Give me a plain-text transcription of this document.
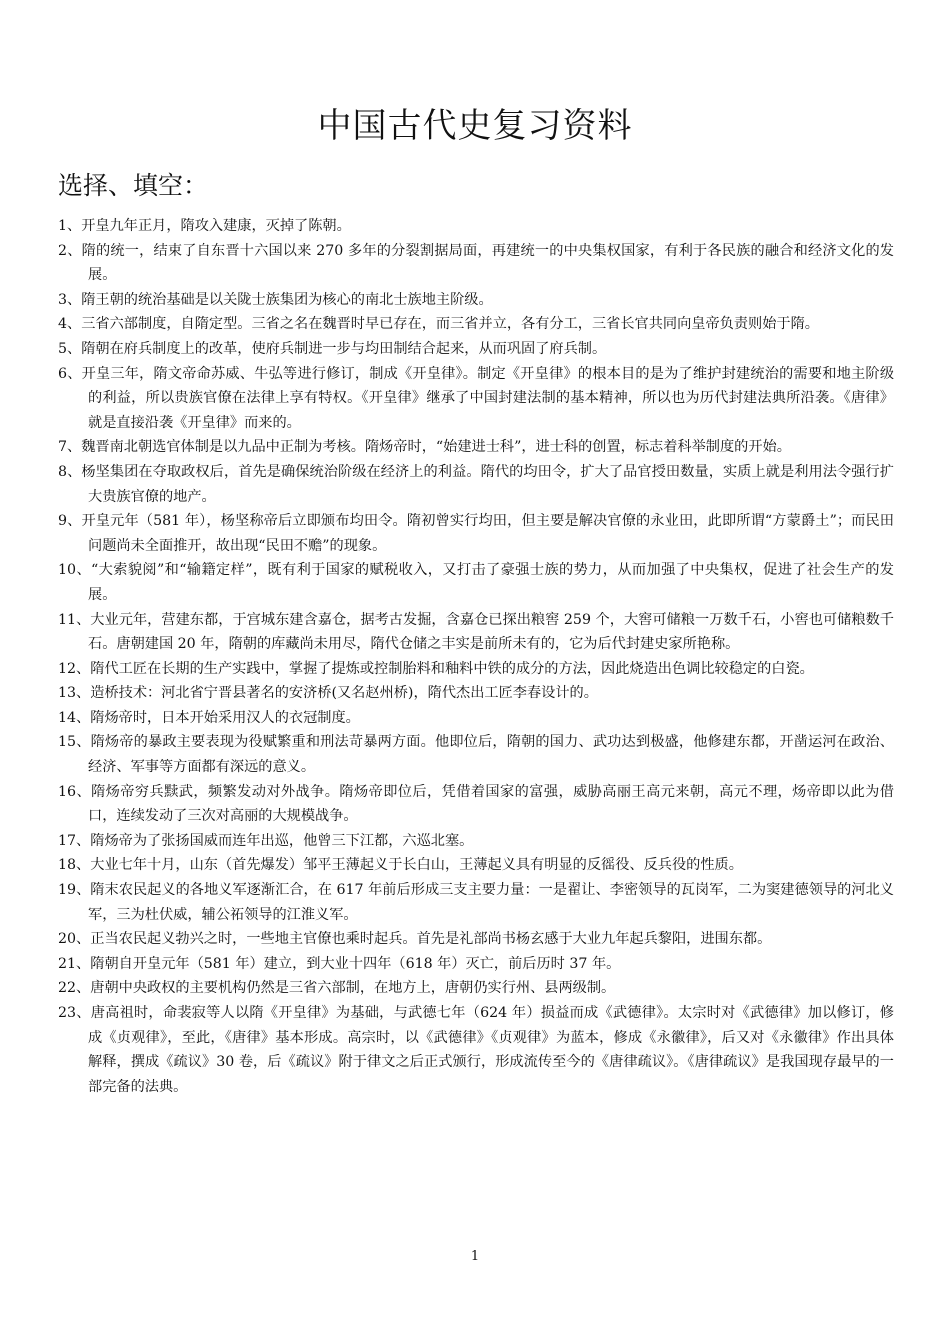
中国古代史复习资料
选择、填空：
1、开皇九年正月，隋攻入建康，灭掉了陈朝。
2、隋的统一，结束了自东晋十六国以来 270 多年的分裂割据局面，再建统一的中央集权国家，有利于各民族的融合和经济文化的发展。
3、隋王朝的统治基础是以关陇士族集团为核心的南北士族地主阶级。
4、三省六部制度，自隋定型。三省之名在魏晋时早已存在，而三省并立，各有分工，三省长官共同向皇帝负责则始于隋。
5、隋朝在府兵制度上的改革，使府兵制进一步与均田制结合起来，从而巩固了府兵制。
6、开皇三年，隋文帝命苏威、牛弘等进行修订，制成《开皇律》。制定《开皇律》的根本目的是为了维护封建统治的需要和地主阶级的利益，所以贵族官僚在法律上享有特权。《开皇律》继承了中国封建法制的基本精神，所以也为历代封建法典所沿袭。《唐律》就是直接沿袭《开皇律》而来的。
7、魏晋南北朝选官体制是以九品中正制为考核。隋炀帝时，“始建进士科”，进士科的创置，标志着科举制度的开始。
8、杨坚集团在夺取政权后，首先是确保统治阶级在经济上的利益。隋代的均田令，扩大了品官授田数量，实质上就是利用法令强行扩大贵族官僚的地产。
9、开皇元年（581 年），杨坚称帝后立即颁布均田令。隋初曾实行均田，但主要是解决官僚的永业田，此即所谓“方蒙爵土”；而民田问题尚未全面推开，故出现“民田不赡”的现象。
10、“大索貌阅”和“输籍定样”，既有利于国家的赋税收入，又打击了豪强士族的势力，从而加强了中央集权，促进了社会生产的发展。
11、大业元年，营建东都，于宫城东建含嘉仓，据考古发掘，含嘉仓已探出粮窖 259 个，大窖可储粮一万数千石，小窖也可储粮数千石。唐朝建国 20 年，隋朝的库藏尚未用尽，隋代仓储之丰实是前所未有的，它为后代封建史家所艳称。
12、隋代工匠在长期的生产实践中，掌握了提炼或控制胎料和釉料中铁的成分的方法，因此烧造出色调比较稳定的白瓷。
13、造桥技术：河北省宁晋县著名的安济桥(又名赵州桥)，隋代杰出工匠李春设计的。
14、隋炀帝时，日本开始采用汉人的衣冠制度。
15、隋炀帝的暴政主要表现为役赋繁重和刑法苛暴两方面。他即位后，隋朝的国力、武功达到极盛，他修建东都，开凿运河在政治、经济、军事等方面都有深远的意义。
16、隋炀帝穷兵黩武，频繁发动对外战争。隋炀帝即位后，凭借着国家的富强，威胁高丽王高元来朝，高元不理，炀帝即以此为借口，连续发动了三次对高丽的大规模战争。
17、隋炀帝为了张扬国威而连年出巡，他曾三下江都，六巡北塞。
18、大业七年十月，山东（首先爆发）邹平王薄起义于长白山，王薄起义具有明显的反徭役、反兵役的性质。
19、隋末农民起义的各地义军逐渐汇合，在 617 年前后形成三支主要力量：一是翟让、李密领导的瓦岗军，二为窦建德领导的河北义军，三为杜伏威，辅公祏领导的江淮义军。
20、正当农民起义勃兴之时，一些地主官僚也乘时起兵。首先是礼部尚书杨玄感于大业九年起兵黎阳，进围东都。
21、隋朝自开皇元年（581 年）建立，到大业十四年（618 年）灭亡，前后历时 37 年。
22、唐朝中央政权的主要机构仍然是三省六部制，在地方上，唐朝仍实行州、县两级制。
23、唐高祖时，命裴寂等人以隋《开皇律》为基础，与武德七年（624 年）损益而成《武德律》。太宗时对《武德律》加以修订，修成《贞观律》，至此，《唐律》基本形成。高宗时，以《武德律》《贞观律》为蓝本，修成《永徽律》，后又对《永徽律》作出具体解释，撰成《疏议》30 卷，后《疏议》附于律文之后正式颁行，形成流传至今的《唐律疏议》。《唐律疏议》是我国现存最早的一部完备的法典。
1
